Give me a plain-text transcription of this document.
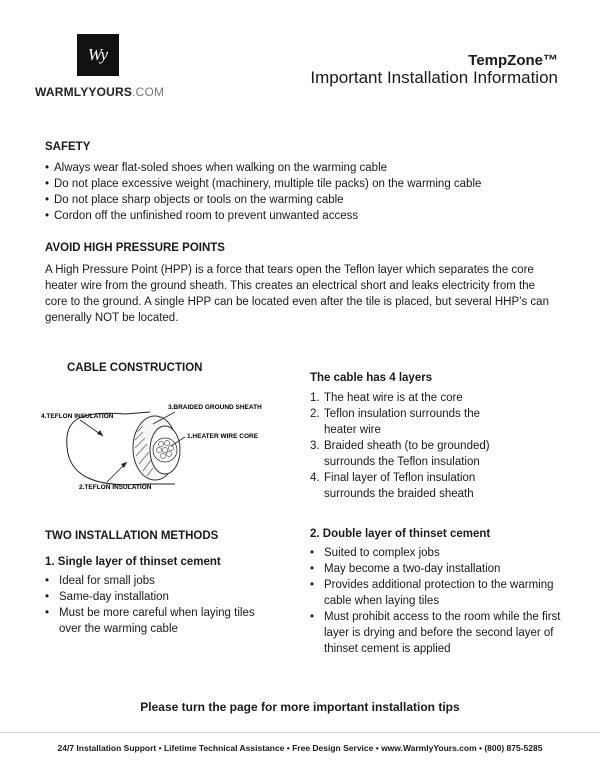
Wy
WARMLYYOURS.COM
TempZone™
Important Installation Information
SAFETY
• Always wear flat-soled shoes when walking on the warming cable
• Do not place excessive weight (machinery, multiple tile packs) on the warming cable
• Do not place sharp objects or tools on the warming cable
• Cordon off the unfinished room to prevent unwanted access
AVOID HIGH PRESSURE POINTS

A High Pressure Point (HPP) is a force that tears open the Teflon layer which separates the core heater wire from the ground sheath. This creates an electrical short and leaks electricity from the core to the ground. A single HPP can be located even after the tile is placed, but several HHP’s can generally NOT be located.

CABLE CONSTRUCTION
4.TEFLON INSULATION
3.BRAIDED GROUND SHEATH
1.HEATER WIRE CORE
2.TEFLON INSULATION
The cable has 4 layers
1. The heat wire is at the core
2. Teflon insulation surrounds the heater wire
3. Braided sheath (to be grounded) surrounds the Teflon insulation
4. Final layer of Teflon insulation surrounds the braided sheath
TWO INSTALLATION METHODS
1. Single layer of thinset cement
• Ideal for small jobs
• Same-day installation
• Must be more careful when laying tiles over the warming cable
2. Double layer of thinset cement
• Suited to complex jobs
• May become a two-day installation
• Provides additional protection to the warming cable when laying tiles
• Must prohibit access to the room while the first layer is drying and before the second layer of thinset cement is applied
Please turn the page for more important installation tips
24/7 Installation Support • Lifetime Technical Assistance • Free Design Service • www.WarmlyYours.com • (800) 875-5285
